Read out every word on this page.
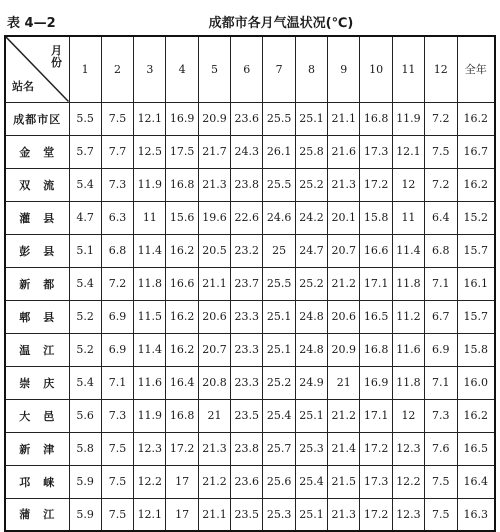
表 4—2	成都市各月气温状况(℃)
月份
站名	1	2	3	4	5	6	7	8	9	10	11	12	全年
成都市区	5.5	7.5	12.1	16.9	20.9	23.6	25.5	25.1	21.1	16.8	11.9	7.2	16.2
金　堂	5.7	7.7	12.5	17.5	21.7	24.3	26.1	25.8	21.6	17.3	12.1	7.5	16.7
双　流	5.4	7.3	11.9	16.8	21.3	23.8	25.5	25.2	21.3	17.2	12	7.2	16.2
灌　县	4.7	6.3	11	15.6	19.6	22.6	24.6	24.2	20.1	15.8	11	6.4	15.2
彭　县	5.1	6.8	11.4	16.2	20.5	23.2	25	24.7	20.7	16.6	11.4	6.8	15.7
新　都	5.4	7.2	11.8	16.6	21.1	23.7	25.5	25.2	21.2	17.1	11.8	7.1	16.1
郫　县	5.2	6.9	11.5	16.2	20.6	23.3	25.1	24.8	20.6	16.5	11.2	6.7	15.7
温　江	5.2	6.9	11.4	16.2	20.7	23.3	25.1	24.8	20.9	16.8	11.6	6.9	15.8
崇　庆	5.4	7.1	11.6	16.4	20.8	23.3	25.2	24.9	21	16.9	11.8	7.1	16.0
大　邑	5.6	7.3	11.9	16.8	21	23.5	25.4	25.1	21.2	17.1	12	7.3	16.2
新　津	5.8	7.5	12.3	17.2	21.3	23.8	25.7	25.3	21.4	17.2	12.3	7.6	16.5
邛　崃	5.9	7.5	12.2	17	21.2	23.6	25.6	25.4	21.5	17.3	12.2	7.5	16.4
蒲　江	5.9	7.5	12.1	17	21.1	23.5	25.3	25.1	21.3	17.2	12.3	7.5	16.3
